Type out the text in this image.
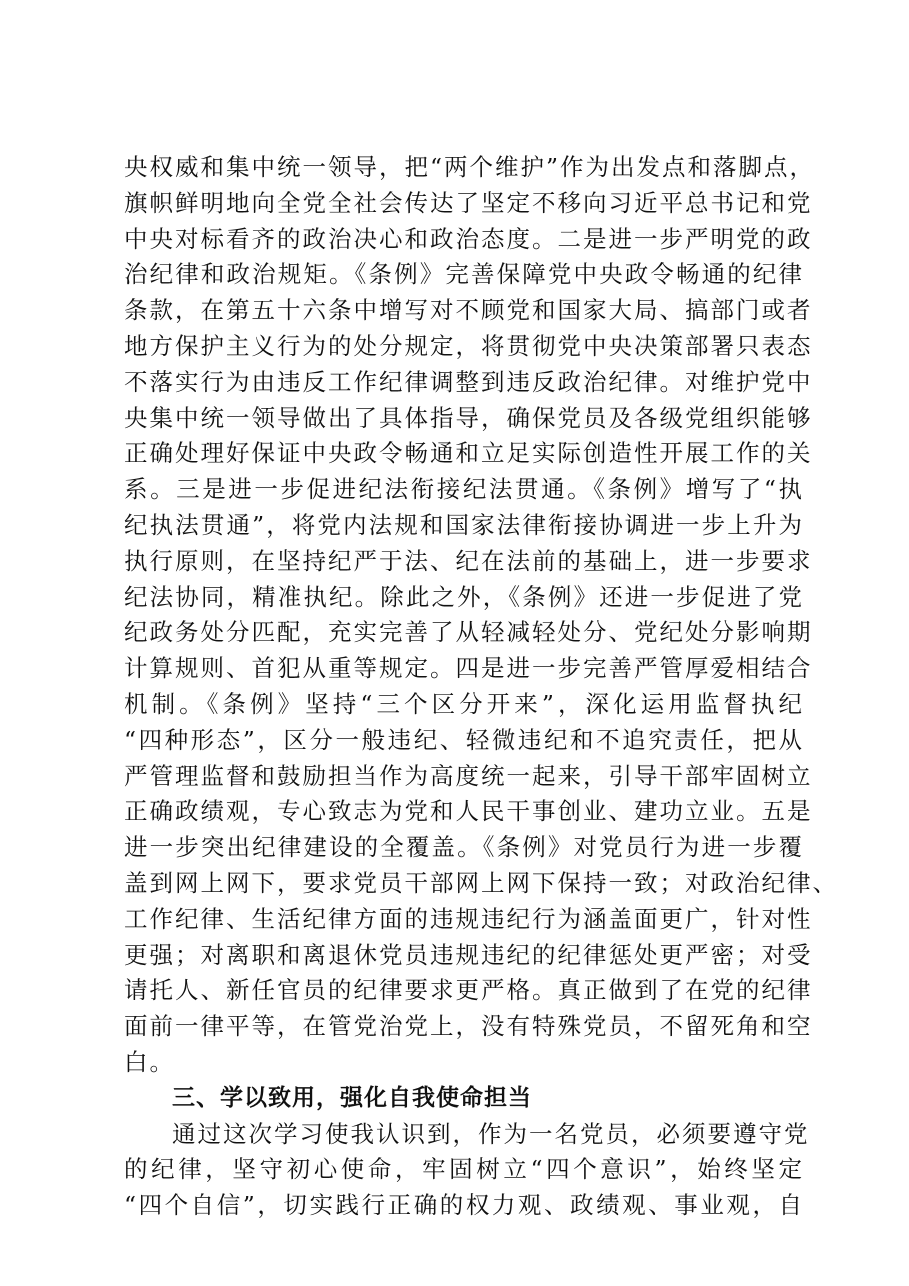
央权威和集中统一领导，把“两个维护”作为出发点和落脚点，
旗帜鲜明地向全党全社会传达了坚定不移向习近平总书记和党
中央对标看齐的政治决心和政治态度。二是进一步严明党的政
治纪律和政治规矩。《条例》完善保障党中央政令畅通的纪律
条款，在第五十六条中增写对不顾党和国家大局、搞部门或者
地方保护主义行为的处分规定，将贯彻党中央决策部署只表态
不落实行为由违反工作纪律调整到违反政治纪律。对维护党中
央集中统一领导做出了具体指导，确保党员及各级党组织能够
正确处理好保证中央政令畅通和立足实际创造性开展工作的关
系。三是进一步促进纪法衔接纪法贯通。《条例》增写了“执
纪执法贯通”，将党内法规和国家法律衔接协调进一步上升为
执行原则，在坚持纪严于法、纪在法前的基础上，进一步要求
纪法协同，精准执纪。除此之外，《条例》还进一步促进了党
纪政务处分匹配，充实完善了从轻减轻处分、党纪处分影响期
计算规则、首犯从重等规定。四是进一步完善严管厚爱相结合
机制。《条例》坚持“三个区分开来”，深化运用监督执纪
“四种形态”，区分一般违纪、轻微违纪和不追究责任，把从
严管理监督和鼓励担当作为高度统一起来，引导干部牢固树立
正确政绩观，专心致志为党和人民干事创业、建功立业。五是
进一步突出纪律建设的全覆盖。《条例》对党员行为进一步覆
盖到网上网下，要求党员干部网上网下保持一致；对政治纪律、
工作纪律、生活纪律方面的违规违纪行为涵盖面更广，针对性
更强；对离职和离退休党员违规违纪的纪律惩处更严密；对受
请托人、新任官员的纪律要求更严格。真正做到了在党的纪律
面前一律平等，在管党治党上，没有特殊党员，不留死角和空
白。
三、学以致用，强化自我使命担当
通过这次学习使我认识到，作为一名党员，必须要遵守党
的纪律，坚守初心使命，牢固树立“四个意识”，始终坚定
“四个自信”，切实践行正确的权力观、政绩观、事业观，自
